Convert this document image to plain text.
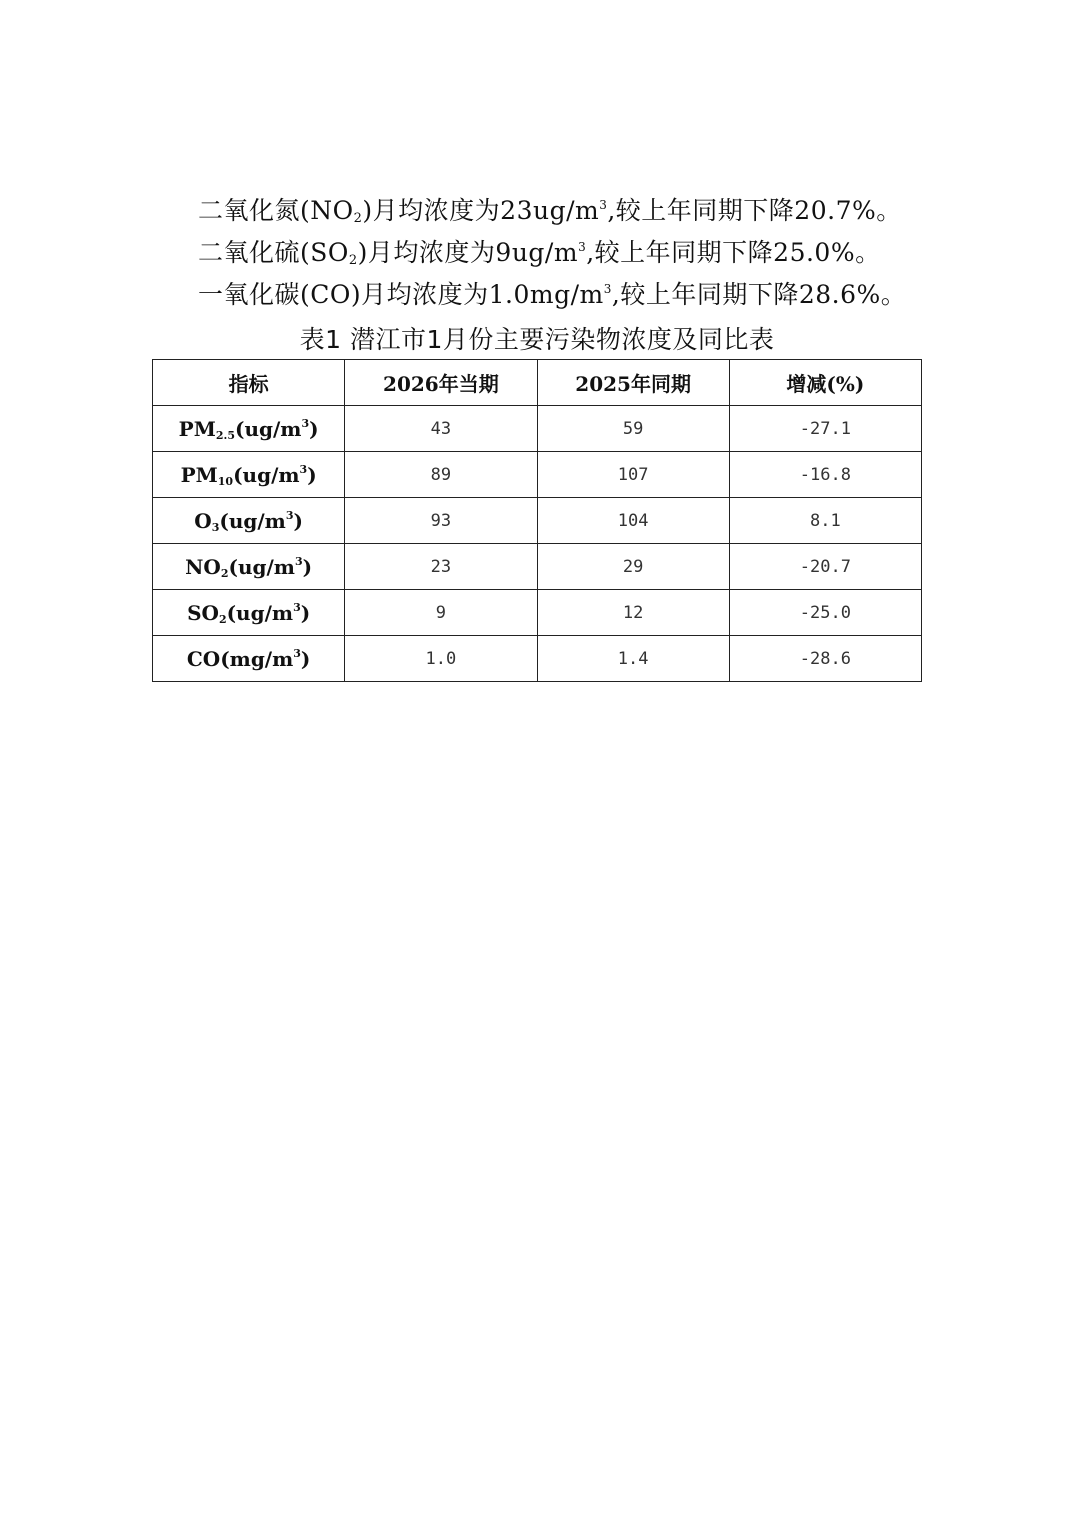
二氧化氮$(NO_2)$月均浓度为$23ug/m^3$,较上年同期下降20.7%。
二氧化硫$(SO_2)$月均浓度为$9ug/m^3$,较上年同期下降25.0%。
一氧化碳(CO)月均浓度为$1.0mg/m^3$,较上年同期下降28.6%。
表1 潜江市1月份主要污染物浓度及同比表
指标	2026年当期	2025年同期	增减(%)
$PM_{2.5}(ug/m^3)$	43	59	-27.1
$PM_{10}(ug/m^3)$	89	107	-16.8
$O_3(ug/m^3)$	93	104	8.1
$NO_2(ug/m^3)$	23	29	-20.7
$SO_2(ug/m^3)$	9	12	-25.0
$CO(mg/m^3)$	1.0	1.4	-28.6
